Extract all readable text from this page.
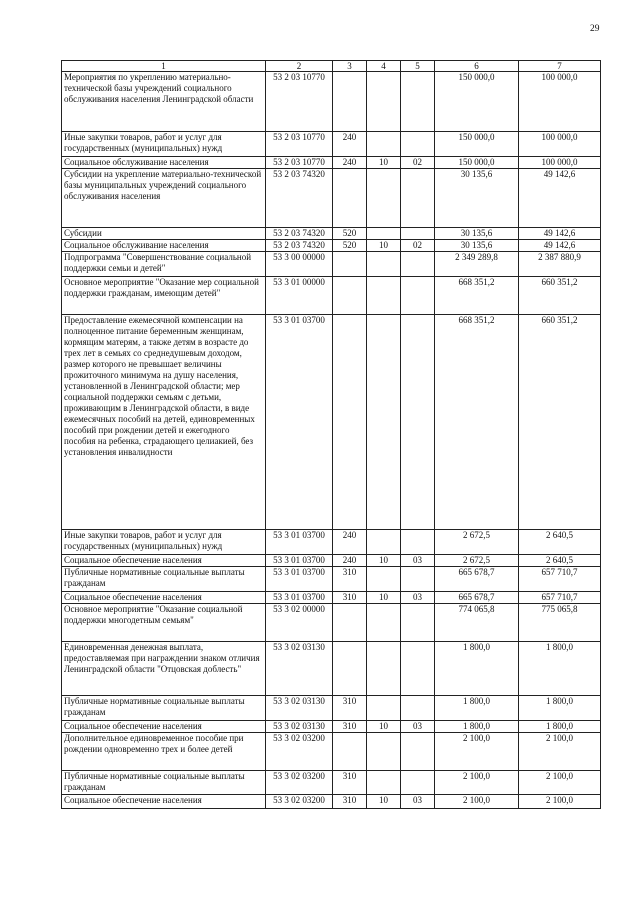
29
1	2	3	4	5	6	7
Мероприятия по укреплению материально-технической базы учреждений социального обслуживания населения Ленинградской области	53 2 03 10770				150 000,0	100 000,0
Иные закупки товаров, работ и услуг для государственных (муниципальных) нужд	53 2 03 10770	240			150 000,0	100 000,0
Социальное обслуживание населения	53 2 03 10770	240	10	02	150 000,0	100 000,0
Субсидии на укрепление материально-технической базы муниципальных учреждений социального обслуживания населения	53 2 03 74320				30 135,6	49 142,6
Субсидии	53 2 03 74320	520			30 135,6	49 142,6
Социальное обслуживание населения	53 2 03 74320	520	10	02	30 135,6	49 142,6
Подпрограмма "Совершенствование социальной поддержки семьи и детей"	53 3 00 00000				2 349 289,8	2 387 880,9
Основное мероприятие "Оказание мер социальной поддержки гражданам, имеющим детей"	53 3 01 00000				668 351,2	660 351,2
Предоставление ежемесячной компенсации на полноценное питание беременным женщинам, кормящим матерям, а также детям в возрасте до трех лет в семьях со среднедушевым доходом, размер которого не превышает величины прожиточного минимума на душу населения, установленной в Ленинградской области; мер социальной поддержки семьям с детьми, проживающим в Ленинградской области, в виде ежемесячных пособий на детей, единовременных пособий при рождении детей и ежегодного пособия на ребенка, страдающего целиакией, без установления инвалидности	53 3 01 03700				668 351,2	660 351,2
Иные закупки товаров, работ и услуг для государственных (муниципальных) нужд	53 3 01 03700	240			2 672,5	2 640,5
Социальное обеспечение населения	53 3 01 03700	240	10	03	2 672,5	2 640,5
Публичные нормативные социальные выплаты гражданам	53 3 01 03700	310			665 678,7	657 710,7
Социальное обеспечение населения	53 3 01 03700	310	10	03	665 678,7	657 710,7
Основное мероприятие "Оказание социальной поддержки многодетным семьям"	53 3 02 00000				774 065,8	775 065,8
Единовременная денежная выплата, предоставляемая при награждении знаком отличия Ленинградской области "Отцовская доблесть"	53 3 02 03130				1 800,0	1 800,0
Публичные нормативные социальные выплаты гражданам	53 3 02 03130	310			1 800,0	1 800,0
Социальное обеспечение населения	53 3 02 03130	310	10	03	1 800,0	1 800,0
Дополнительное единовременное пособие при рождении одновременно трех и более детей	53 3 02 03200				2 100,0	2 100,0
Публичные нормативные социальные выплаты гражданам	53 3 02 03200	310			2 100,0	2 100,0
Социальное обеспечение населения	53 3 02 03200	310	10	03	2 100,0	2 100,0
